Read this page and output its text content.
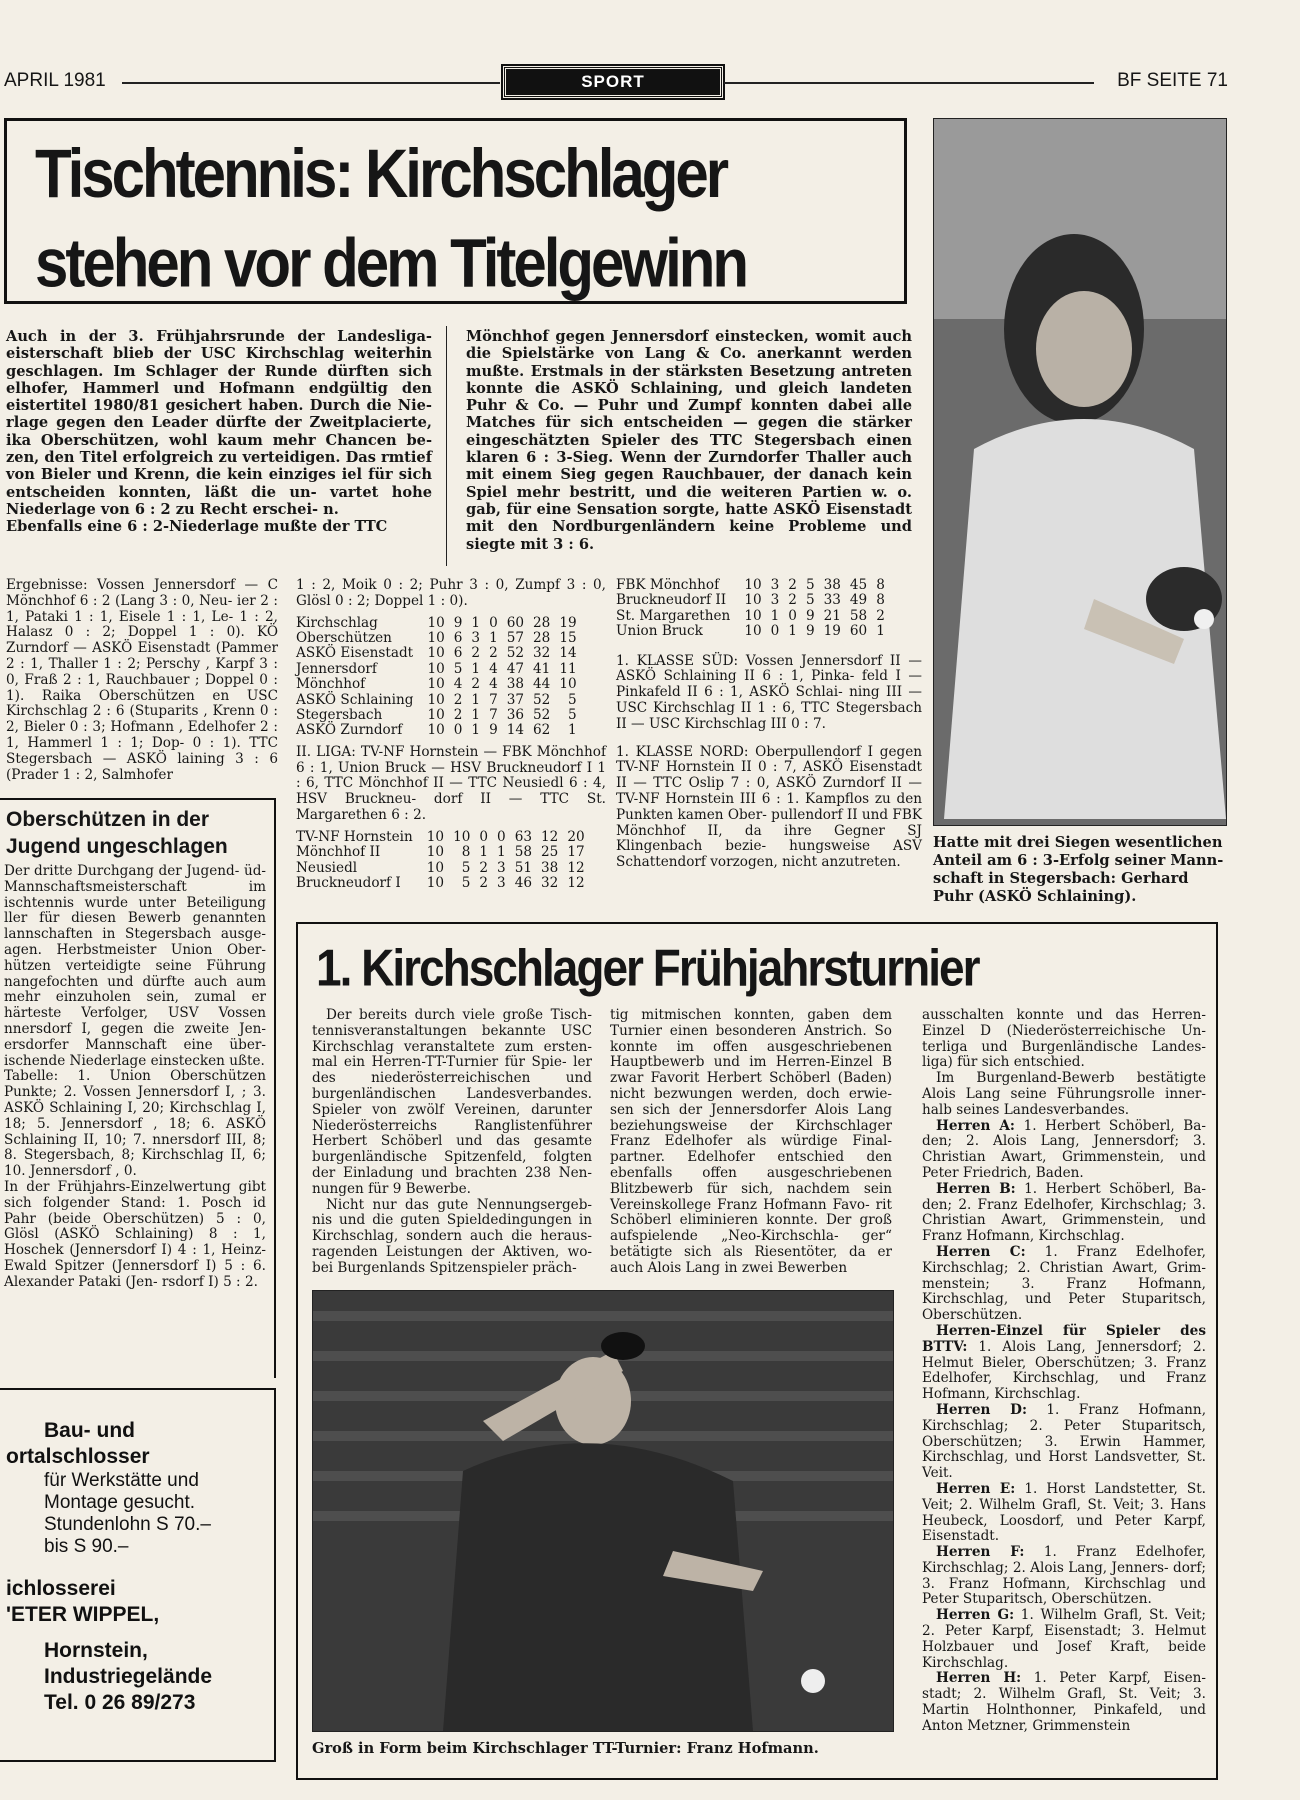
APRIL 1981	SPORT	BF SEITE 71
Tischtennis: Kirchschlager
stehen vor dem Titelgewinn
Hatte mit drei Siegen wesentlichen Anteil am 6 : 3-Erfolg seiner Mann- schaft in Stegersbach: Gerhard Puhr (ASKÖ Schlaining).
Auch in der 3. Frühjahrsrunde der Landesliga-eisterschaft blieb der USC Kirchschlag weiterhin geschlagen. Im Schlager der Runde dürften sich elhofer, Hammerl und Hofmann endgültig den eistertitel 1980/81 gesichert haben. Durch die Nie- rlage gegen den Leader dürfte der Zweitplacierte, ika Oberschützen, wohl kaum mehr Chancen be- zen, den Titel erfolgreich zu verteidigen. Das rmtief von Bieler und Krenn, die kein einziges iel für sich entscheiden konnten, läßt die un- vartet hohe Niederlage von 6 : 2 zu Recht erschei- n.
Ebenfalls eine 6 : 2-Niederlage mußte der TTC
Mönchhof gegen Jennersdorf einstecken, womit auch die Spielstärke von Lang & Co. anerkannt werden mußte. Erstmals in der stärksten Besetzung antreten konnte die ASKÖ Schlaining, und gleich landeten Puhr & Co. — Puhr und Zumpf konnten dabei alle Matches für sich entscheiden — gegen die stärker eingeschätzten Spieler des TTC Stegersbach einen klaren 6 : 3-Sieg. Wenn der Zurndorfer Thaller auch mit einem Sieg gegen Rauchbauer, der danach kein Spiel mehr bestritt, und die weiteren Partien w. o. gab, für eine Sensation sorgte, hatte ASKÖ Eisenstadt mit den Nordburgenländern keine Probleme und siegte mit 3 : 6.
Ergebnisse: Vossen Jennersdorf — C Mönchhof 6 : 2 (Lang 3 : 0, Neu- ier 2 : 1, Pataki 1 : 1, Eisele 1 : 1, Le- 1 : 2, Halasz 0 : 2; Doppel 1 : 0). KÖ Zurndorf — ASKÖ Eisenstadt (Pammer 2 : 1, Thaller 1 : 2; Perschy , Karpf 3 : 0, Fraß 2 : 1, Rauchbauer ; Doppel 0 : 1). Raika Oberschützen en USC Kirchschlag 2 : 6 (Stuparits , Krenn 0 : 2, Bieler 0 : 3; Hofmann , Edelhofer 2 : 1, Hammerl 1 : 1; Dop- 0 : 1). TTC Stegersbach — ASKÖ laining 3 : 6 (Prader 1 : 2, Salmhofer
1 : 2, Moik 0 : 2; Puhr 3 : 0, Zumpf 3 : 0, Glösl 0 : 2; Doppel 1 : 0).
Kirchschlag	10	9	1	0	60	28	19
Oberschützen	10	6	3	1	57	28	15
ASKÖ Eisenstadt	10	6	2	2	52	32	14
Jennersdorf	10	5	1	4	47	41	11
Mönchhof	10	4	2	4	38	44	10
ASKÖ Schlaining	10	2	1	7	37	52	5
Stegersbach	10	2	1	7	36	52	5
ASKÖ Zurndorf	10	0	1	9	14	62	1
II. LIGA: TV-NF Hornstein — FBK Mönchhof 6 : 1, Union Bruck — HSV Bruckneudorf I 1 : 6, TTC Mönchhof II — TTC Neusiedl 6 : 4, HSV Bruckneu- dorf II — TTC St. Margarethen 6 : 2.
TV-NF Hornstein	10	10	0	0	63	12	20
Mönchhof II	10	8	1	1	58	25	17
Neusiedl	10	5	2	3	51	38	12
Bruckneudorf I	10	5	2	3	46	32	12
FBK Mönchhof	10	3	2	5	38	45	8
Bruckneudorf II	10	3	2	5	33	49	8
St. Margarethen	10	1	0	9	21	58	2
Union Bruck	10	0	1	9	19	60	1
1. KLASSE SÜD: Vossen Jennersdorf II — ASKÖ Schlaining II 6 : 1, Pinka- feld I — Pinkafeld II 6 : 1, ASKÖ Schlai- ning III — USC Kirchschlag II 1 : 6, TTC Stegersbach II — USC Kirchschlag III 0 : 7.
1. KLASSE NORD: Oberpullendorf I gegen TV-NF Hornstein II 0 : 7, ASKÖ Eisenstadt II — TTC Oslip 7 : 0, ASKÖ Zurndorf II — TV-NF Hornstein III 6 : 1. Kampflos zu den Punkten kamen Ober- pullendorf II und FBK Mönchhof II, da ihre Gegner SJ Klingenbach bezie- hungsweise ASV Schattendorf vorzogen, nicht anzutreten.
Oberschützen in der Jugend ungeschlagen
Der dritte Durchgang der Jugend- üd-Mannschaftsmeisterschaft im ischtennis wurde unter Beteiligung ller für diesen Bewerb genannten lannschaften in Stegersbach ausge- agen. Herbstmeister Union Ober- hützen verteidigte seine Führung nangefochten und dürfte auch aum mehr einzuholen sein, zumal er härteste Verfolger, USV Vossen nnersdorf I, gegen die zweite Jen- ersdorfer Mannschaft eine über- ischende Niederlage einstecken ußte.
Tabelle: 1. Union Oberschützen Punkte; 2. Vossen Jennersdorf I, ; 3. ASKÖ Schlaining I, 20; Kirchschlag I, 18; 5. Jennersdorf , 18; 6. ASKÖ Schlaining II, 10; 7. nnersdorf III, 8; 8. Stegersbach, 8; Kirchschlag II, 6; 10. Jennersdorf , 0.
In der Frühjahrs-Einzelwertung gibt sich folgender Stand: 1. Posch id Pahr (beide Oberschützen) 5 : 0, Glösl (ASKÖ Schlaining) 8 : 1, Hoschek (Jennersdorf I) 4 : 1, Heinz-Ewald Spitzer (Jennersdorf I) 5 : 6. Alexander Pataki (Jen- rsdorf I) 5 : 2.
Bau- und
ortalschlosser
für Werkstätte und
Montage gesucht.
Stundenlohn S 70.–
bis S 90.–
ichlosserei
'ETER WIPPEL,
Hornstein,
Industriegelände
Tel. 0 26 89/273
1. Kirchschlager Frühjahrsturnier
Der bereits durch viele große Tisch- tennisveranstaltungen bekannte USC Kirchschlag veranstaltete zum ersten- mal ein Herren-TT-Turnier für Spie- ler des niederösterreichischen und burgenländischen Landesverbandes. Spieler von zwölf Vereinen, darunter Niederösterreichs Ranglistenführer Herbert Schöberl und das gesamte burgenländische Spitzenfeld, folgten der Einladung und brachten 238 Nen- nungen für 9 Bewerbe.
Nicht nur das gute Nennungsergeb- nis und die guten Spieldedingungen in Kirchschlag, sondern auch die heraus- ragenden Leistungen der Aktiven, wo- bei Burgenlands Spitzenspieler präch-
tig mitmischen konnten, gaben dem Turnier einen besonderen Anstrich. So konnte im offen ausgeschriebenen Hauptbewerb und im Herren-Einzel B zwar Favorit Herbert Schöberl (Baden) nicht bezwungen werden, doch erwie- sen sich der Jennersdorfer Alois Lang beziehungsweise der Kirchschlager Franz Edelhofer als würdige Final- partner. Edelhofer entschied den ebenfalls offen ausgeschriebenen Blitzbewerb für sich, nachdem sein Vereinskollege Franz Hofmann Favo- rit Schöberl eliminieren konnte. Der groß aufspielende „Neo-Kirchschla- ger“ betätigte sich als Riesentöter, da er auch Alois Lang in zwei Bewerben
ausschalten konnte und das Herren- Einzel D (Niederösterreichische Un- terliga und Burgenländische Landes- liga) für sich entschied.
Im Burgenland-Bewerb bestätigte Alois Lang seine Führungsrolle inner- halb seines Landesverbandes.
Herren A: 1. Herbert Schöberl, Ba- den; 2. Alois Lang, Jennersdorf; 3. Christian Awart, Grimmenstein, und Peter Friedrich, Baden.
Herren B: 1. Herbert Schöberl, Ba- den; 2. Franz Edelhofer, Kirchschlag; 3. Christian Awart, Grimmenstein, und Franz Hofmann, Kirchschlag.
Herren C: 1. Franz Edelhofer, Kirchschlag; 2. Christian Awart, Grim- menstein; 3. Franz Hofmann, Kirchschlag, und Peter Stuparitsch, Oberschützen.
Herren-Einzel für Spieler des BTTV: 1. Alois Lang, Jennersdorf; 2. Helmut Bieler, Oberschützen; 3. Franz Edelhofer, Kirchschlag, und Franz Hofmann, Kirchschlag.
Herren D: 1. Franz Hofmann, Kirchschlag; 2. Peter Stuparitsch, Oberschützen; 3. Erwin Hammer, Kirchschlag, und Horst Landsvetter, St. Veit.
Herren E: 1. Horst Landstetter, St. Veit; 2. Wilhelm Grafl, St. Veit; 3. Hans Heubeck, Loosdorf, und Peter Karpf, Eisenstadt.
Herren F: 1. Franz Edelhofer, Kirchschlag; 2. Alois Lang, Jenners- dorf; 3. Franz Hofmann, Kirchschlag und Peter Stuparitsch, Oberschützen.
Herren G: 1. Wilhelm Grafl, St. Veit; 2. Peter Karpf, Eisenstadt; 3. Helmut Holzbauer und Josef Kraft, beide Kirchschlag.
Herren H: 1. Peter Karpf, Eisen- stadt; 2. Wilhelm Grafl, St. Veit; 3. Martin Holnthonner, Pinkafeld, und Anton Metzner, Grimmenstein
Groß in Form beim Kirchschlager TT-Turnier: Franz Hofmann.
